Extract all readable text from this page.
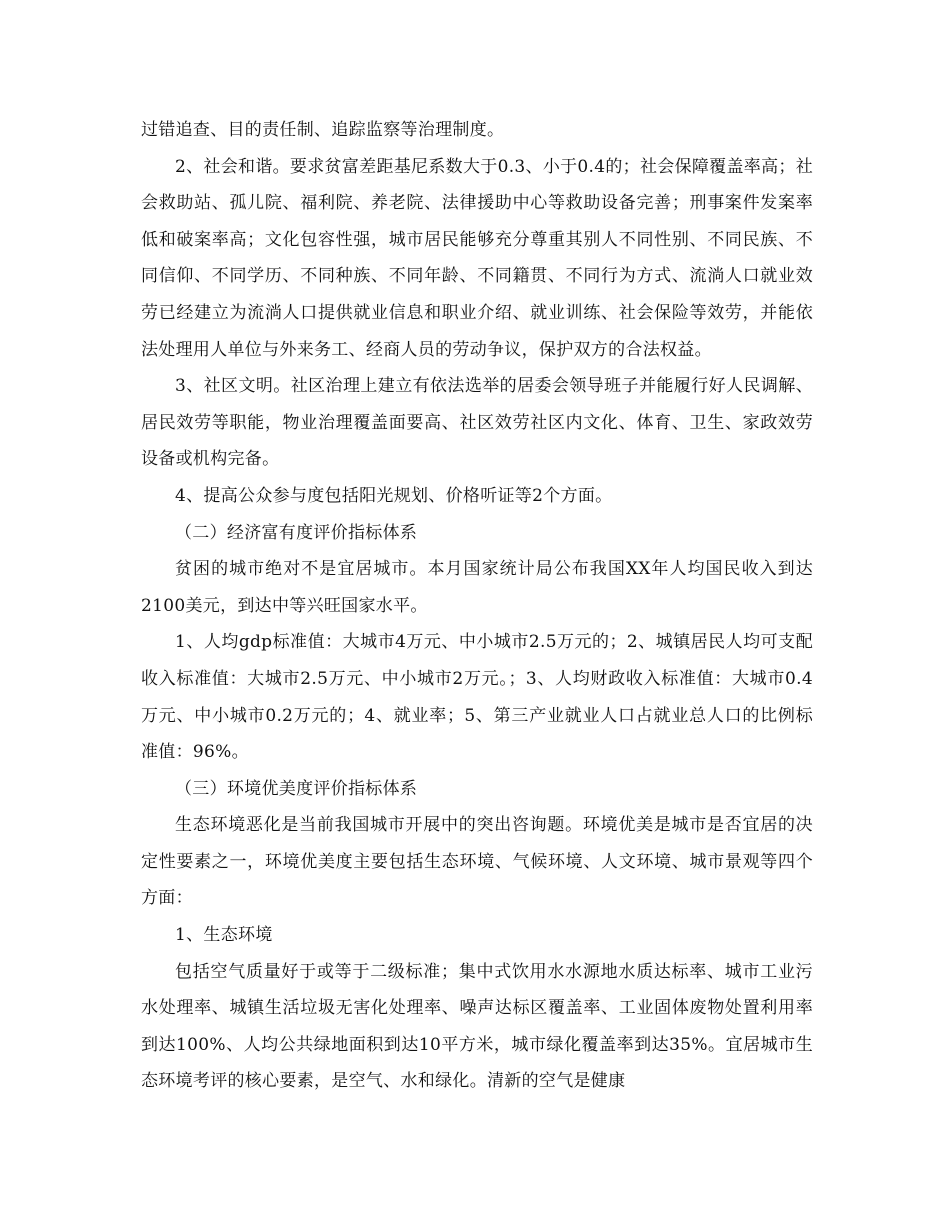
过错追查、目的责任制、追踪监察等治理制度。

2、社会和谐。要求贫富差距基尼系数大于0.3、小于0.4的；社会保障覆盖率高；社会救助站、孤儿院、福利院、养老院、法律援助中心等救助设备完善；刑事案件发案率低和破案率高；文化包容性强，城市居民能够充分尊重其别人不同性别、不同民族、不同信仰、不同学历、不同种族、不同年龄、不同籍贯、不同行为方式、流淌人口就业效劳已经建立为流淌人口提供就业信息和职业介绍、就业训练、社会保险等效劳，并能依法处理用人单位与外来务工、经商人员的劳动争议，保护双方的合法权益。

3、社区文明。社区治理上建立有依法选举的居委会领导班子并能履行好人民调解、居民效劳等职能，物业治理覆盖面要高、社区效劳社区内文化、体育、卫生、家政效劳设备或机构完备。

4、提高公众参与度包括阳光规划、价格听证等2个方面。

（二）经济富有度评价指标体系

贫困的城市绝对不是宜居城市。本月国家统计局公布我国XX年人均国民收入到达2100美元，到达中等兴旺国家水平。

1、人均gdp标准值：大城市4万元、中小城市2.5万元的；2、城镇居民人均可支配收入标准值：大城市2.5万元、中小城市2万元。；3、人均财政收入标准值：大城市0.4万元、中小城市0.2万元的；4、就业率；5、第三产业就业人口占就业总人口的比例标准值：96%。

（三）环境优美度评价指标体系

生态环境恶化是当前我国城市开展中的突出咨询题。环境优美是城市是否宜居的决定性要素之一，环境优美度主要包括生态环境、气候环境、人文环境、城市景观等四个方面：

1、生态环境

包括空气质量好于或等于二级标准；集中式饮用水水源地水质达标率、城市工业污水处理率、城镇生活垃圾无害化处理率、噪声达标区覆盖率、工业固体废物处置利用率到达100%、人均公共绿地面积到达10平方米，城市绿化覆盖率到达35%。宜居城市生态环境考评的核心要素，是空气、水和绿化。清新的空气是健康
